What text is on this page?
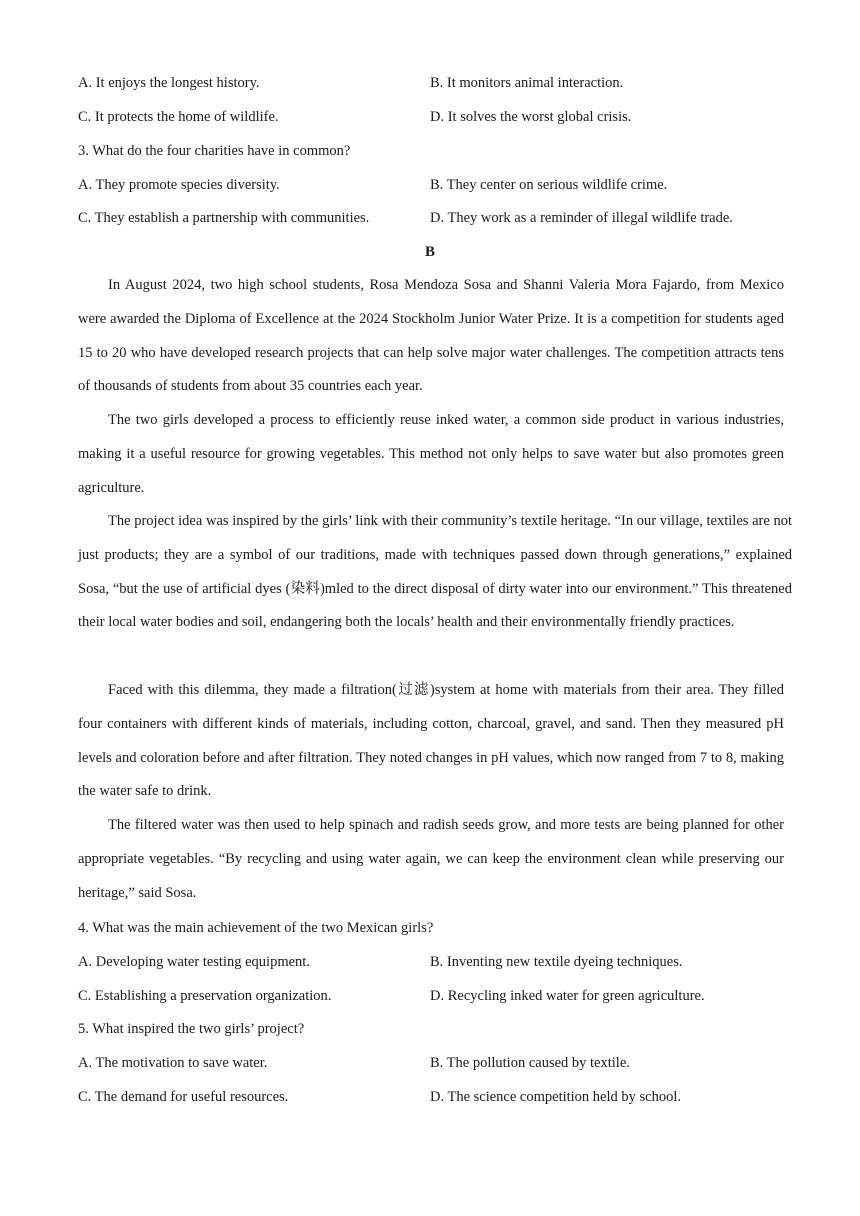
A. It enjoys the longest history.	B. It monitors animal interaction.
C. It protects the home of wildlife.	D. It solves the worst global crisis.
3. What do the four charities have in common?
A. They promote species diversity.	B. They center on serious wildlife crime.
C. They establish a partnership with communities.	D. They work as a reminder of illegal wildlife trade.
B

In August 2024, two high school students, Rosa Mendoza Sosa and Shanni Valeria Mora Fajardo, from Mexico were awarded the Diploma of Excellence at the 2024 Stockholm Junior Water Prize. It is a competition for students aged 15 to 20 who have developed research projects that can help solve major water challenges. The competition attracts tens of thousands of students from about 35 countries each year.

The two girls developed a process to efficiently reuse inked water, a common side product in various industries, making it a useful resource for growing vegetables. This method not only helps to save water but also promotes green agriculture.

The project idea was inspired by the girls’ link with their community’s textile heritage. “In our village, textiles are not just products; they are a symbol of our traditions, made with techniques passed down through generations,” explained Sosa, “but the use of artificial dyes (染料)mled to the direct disposal of dirty water into our environment.” This threatened their local water bodies and soil, endangering both the locals’ health and their environmentally friendly practices.

Faced with this dilemma, they made a filtration(过滤)system at home with materials from their area. They filled four containers with different kinds of materials, including cotton, charcoal, gravel, and sand. Then they measured pH levels and coloration before and after filtration. They noted changes in pH values, which now ranged from 7 to 8, making the water safe to drink.

The filtered water was then used to help spinach and radish seeds grow, and more tests are being planned for other appropriate vegetables. “By recycling and using water again, we can keep the environment clean while preserving our heritage,” said Sosa.

4. What was the main achievement of the two Mexican girls?
A. Developing water testing equipment.	B. Inventing new textile dyeing techniques.
C. Establishing a preservation organization.	D. Recycling inked water for green agriculture.
5. What inspired the two girls’ project?
A. The motivation to save water.	B. The pollution caused by textile.
C. The demand for useful resources.	D. The science competition held by school.
